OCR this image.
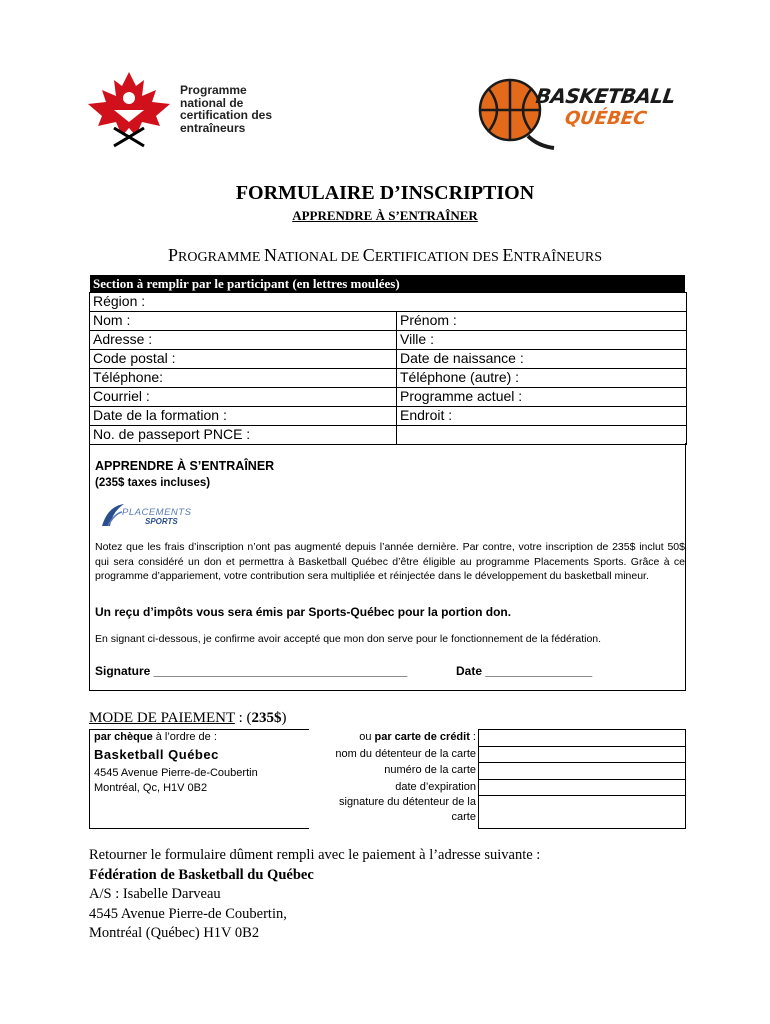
Programme
national de
certification des
entraîneurs
BASKETBALL
QUÉBEC
FORMULAIRE D’INSCRIPTION
APPRENDRE À S’ENTRAÎNER
PROGRAMME NATIONAL DE CERTIFICATION DES ENTRAÎNEURS
Section à remplir par le participant (en lettres moulées)
Région :	
Nom :	Prénom :
Adresse :	Ville :
Code postal :	Date de naissance :
Téléphone:	Téléphone (autre) :
Courriel :	Programme actuel :
Date de la formation :	Endroit :
No. de passeport PNCE :	
APPRENDRE À S’ENTRAÎNER
(235$ taxes incluses)
PLACEMENTS
SPORTS
Notez que les frais d’inscription n’ont pas augmenté depuis l’année dernière. Par contre, votre inscription de 235$ inclut 50$ qui sera considéré un don et permettra à Basketball Québec d’être éligible au programme Placements Sports. Grâce à ce programme d’appariement, votre contribution sera multipliée et réinjectée dans le développement du basketball mineur.
Un reçu d’impôts vous sera émis par Sports-Québec pour la portion don.
En signant ci-dessous, je confirme avoir accepté que mon don serve pour le fonctionnement de la fédération.
Signature ______________________________________	Date ________________
MODE DE PAIEMENT : (235$)
par chèque à l’ordre de :
Basketball Québec
4545 Avenue Pierre-de-Coubertin
Montréal, Qc, H1V 0B2
ou par carte de crédit :
nom du détenteur de la carte
numéro de la carte
date d’expiration
signature du détenteur de la
carte

Retourner le formulaire dûment rempli avec le paiement à l’adresse suivante :
Fédération de Basketball du Québec
A/S : Isabelle Darveau
4545 Avenue Pierre-de Coubertin,
Montréal (Québec) H1V 0B2
